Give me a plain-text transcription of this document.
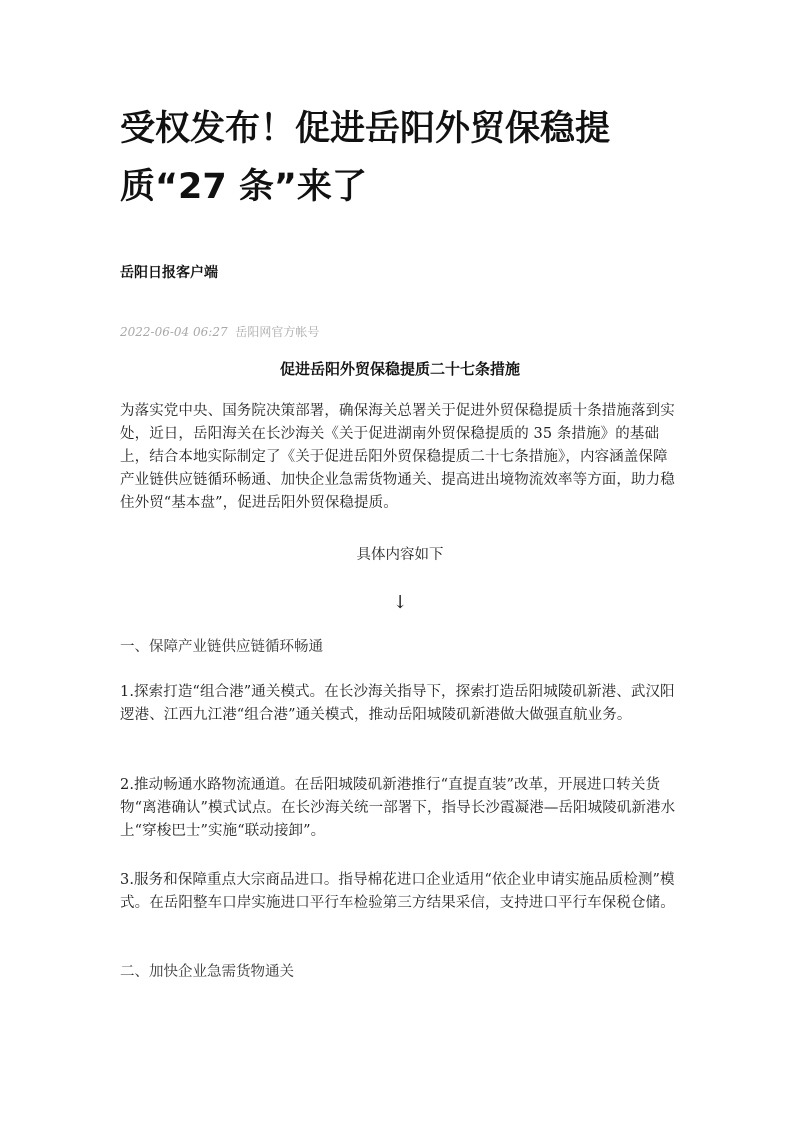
受权发布！促进岳阳外贸保稳提质“27 条”来了
岳阳日报客户端
2022-06-04 06:27 岳阳网官方帐号
促进岳阳外贸保稳提质二十七条措施

为落实党中央、国务院决策部署，确保海关总署关于促进外贸保稳提质十条措施落到实处，近日，岳阳海关在长沙海关《关于促进湖南外贸保稳提质的 35 条措施》的基础上，结合本地实际制定了《关于促进岳阳外贸保稳提质二十七条措施》，内容涵盖保障产业链供应链循环畅通、加快企业急需货物通关、提高进出境物流效率等方面，助力稳住外贸“基本盘”，促进岳阳外贸保稳提质。

具体内容如下
↓
一、保障产业链供应链循环畅通

1.探索打造“组合港”通关模式。在长沙海关指导下，探索打造岳阳城陵矶新港、武汉阳逻港、江西九江港“组合港”通关模式，推动岳阳城陵矶新港做大做强直航业务。

2.推动畅通水路物流通道。在岳阳城陵矶新港推行“直提直装”改革，开展进口转关货物“离港确认”模式试点。在长沙海关统一部署下，指导长沙霞凝港—岳阳城陵矶新港水上“穿梭巴士”实施“联动接卸”。

3.服务和保障重点大宗商品进口。指导棉花进口企业适用“依企业申请实施品质检测”模式。在岳阳整车口岸实施进口平行车检验第三方结果采信，支持进口平行车保税仓储。

二、加快企业急需货物通关
